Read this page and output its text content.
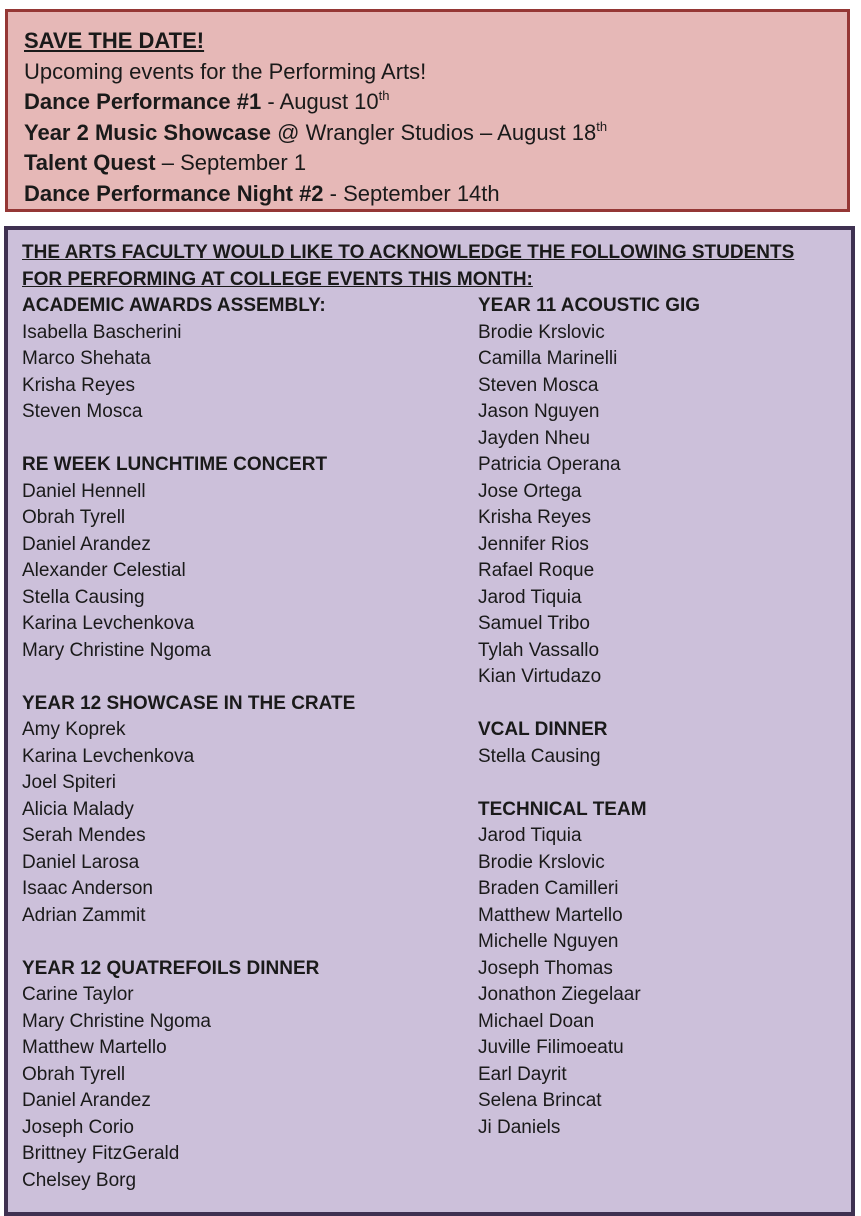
SAVE THE DATE!
Upcoming events for the Performing Arts!
Dance Performance #1 - August 10th
Year 2 Music Showcase @ Wrangler Studios – August 18th
Talent Quest – September 1
Dance Performance Night #2 - September 14th
THE ARTS FACULTY WOULD LIKE TO ACKNOWLEDGE THE FOLLOWING STUDENTS FOR PERFORMING AT COLLEGE EVENTS THIS MONTH:
ACADEMIC AWARDS ASSEMBLY:
Isabella Bascherini
Marco Shehata
Krisha Reyes
Steven Mosca
RE WEEK LUNCHTIME CONCERT
Daniel Hennell
Obrah Tyrell
Daniel Arandez
Alexander Celestial
Stella Causing
Karina Levchenkova
Mary Christine Ngoma
YEAR 12 SHOWCASE IN THE CRATE
Amy Koprek
Karina Levchenkova
Joel Spiteri
Alicia Malady
Serah Mendes
Daniel Larosa
Isaac Anderson
Adrian Zammit
YEAR 12 QUATREFOILS DINNER
Carine Taylor
Mary Christine Ngoma
Matthew Martello
Obrah Tyrell
Daniel Arandez
Joseph Corio
Brittney FitzGerald
Chelsey Borg
YEAR 11 ACOUSTIC GIG
Brodie Krslovic
Camilla Marinelli
Steven Mosca
Jason Nguyen
Jayden Nheu
Patricia Operana
Jose Ortega
Krisha Reyes
Jennifer Rios
Rafael Roque
Jarod Tiquia
Samuel Tribo
Tylah Vassallo
Kian Virtudazo
VCAL DINNER
Stella Causing
TECHNICAL TEAM
Jarod Tiquia
Brodie Krslovic
Braden Camilleri
Matthew Martello
Michelle Nguyen
Joseph Thomas
Jonathon Ziegelaar
Michael Doan
Juville Filimoeatu
Earl Dayrit
Selena Brincat
Ji Daniels
